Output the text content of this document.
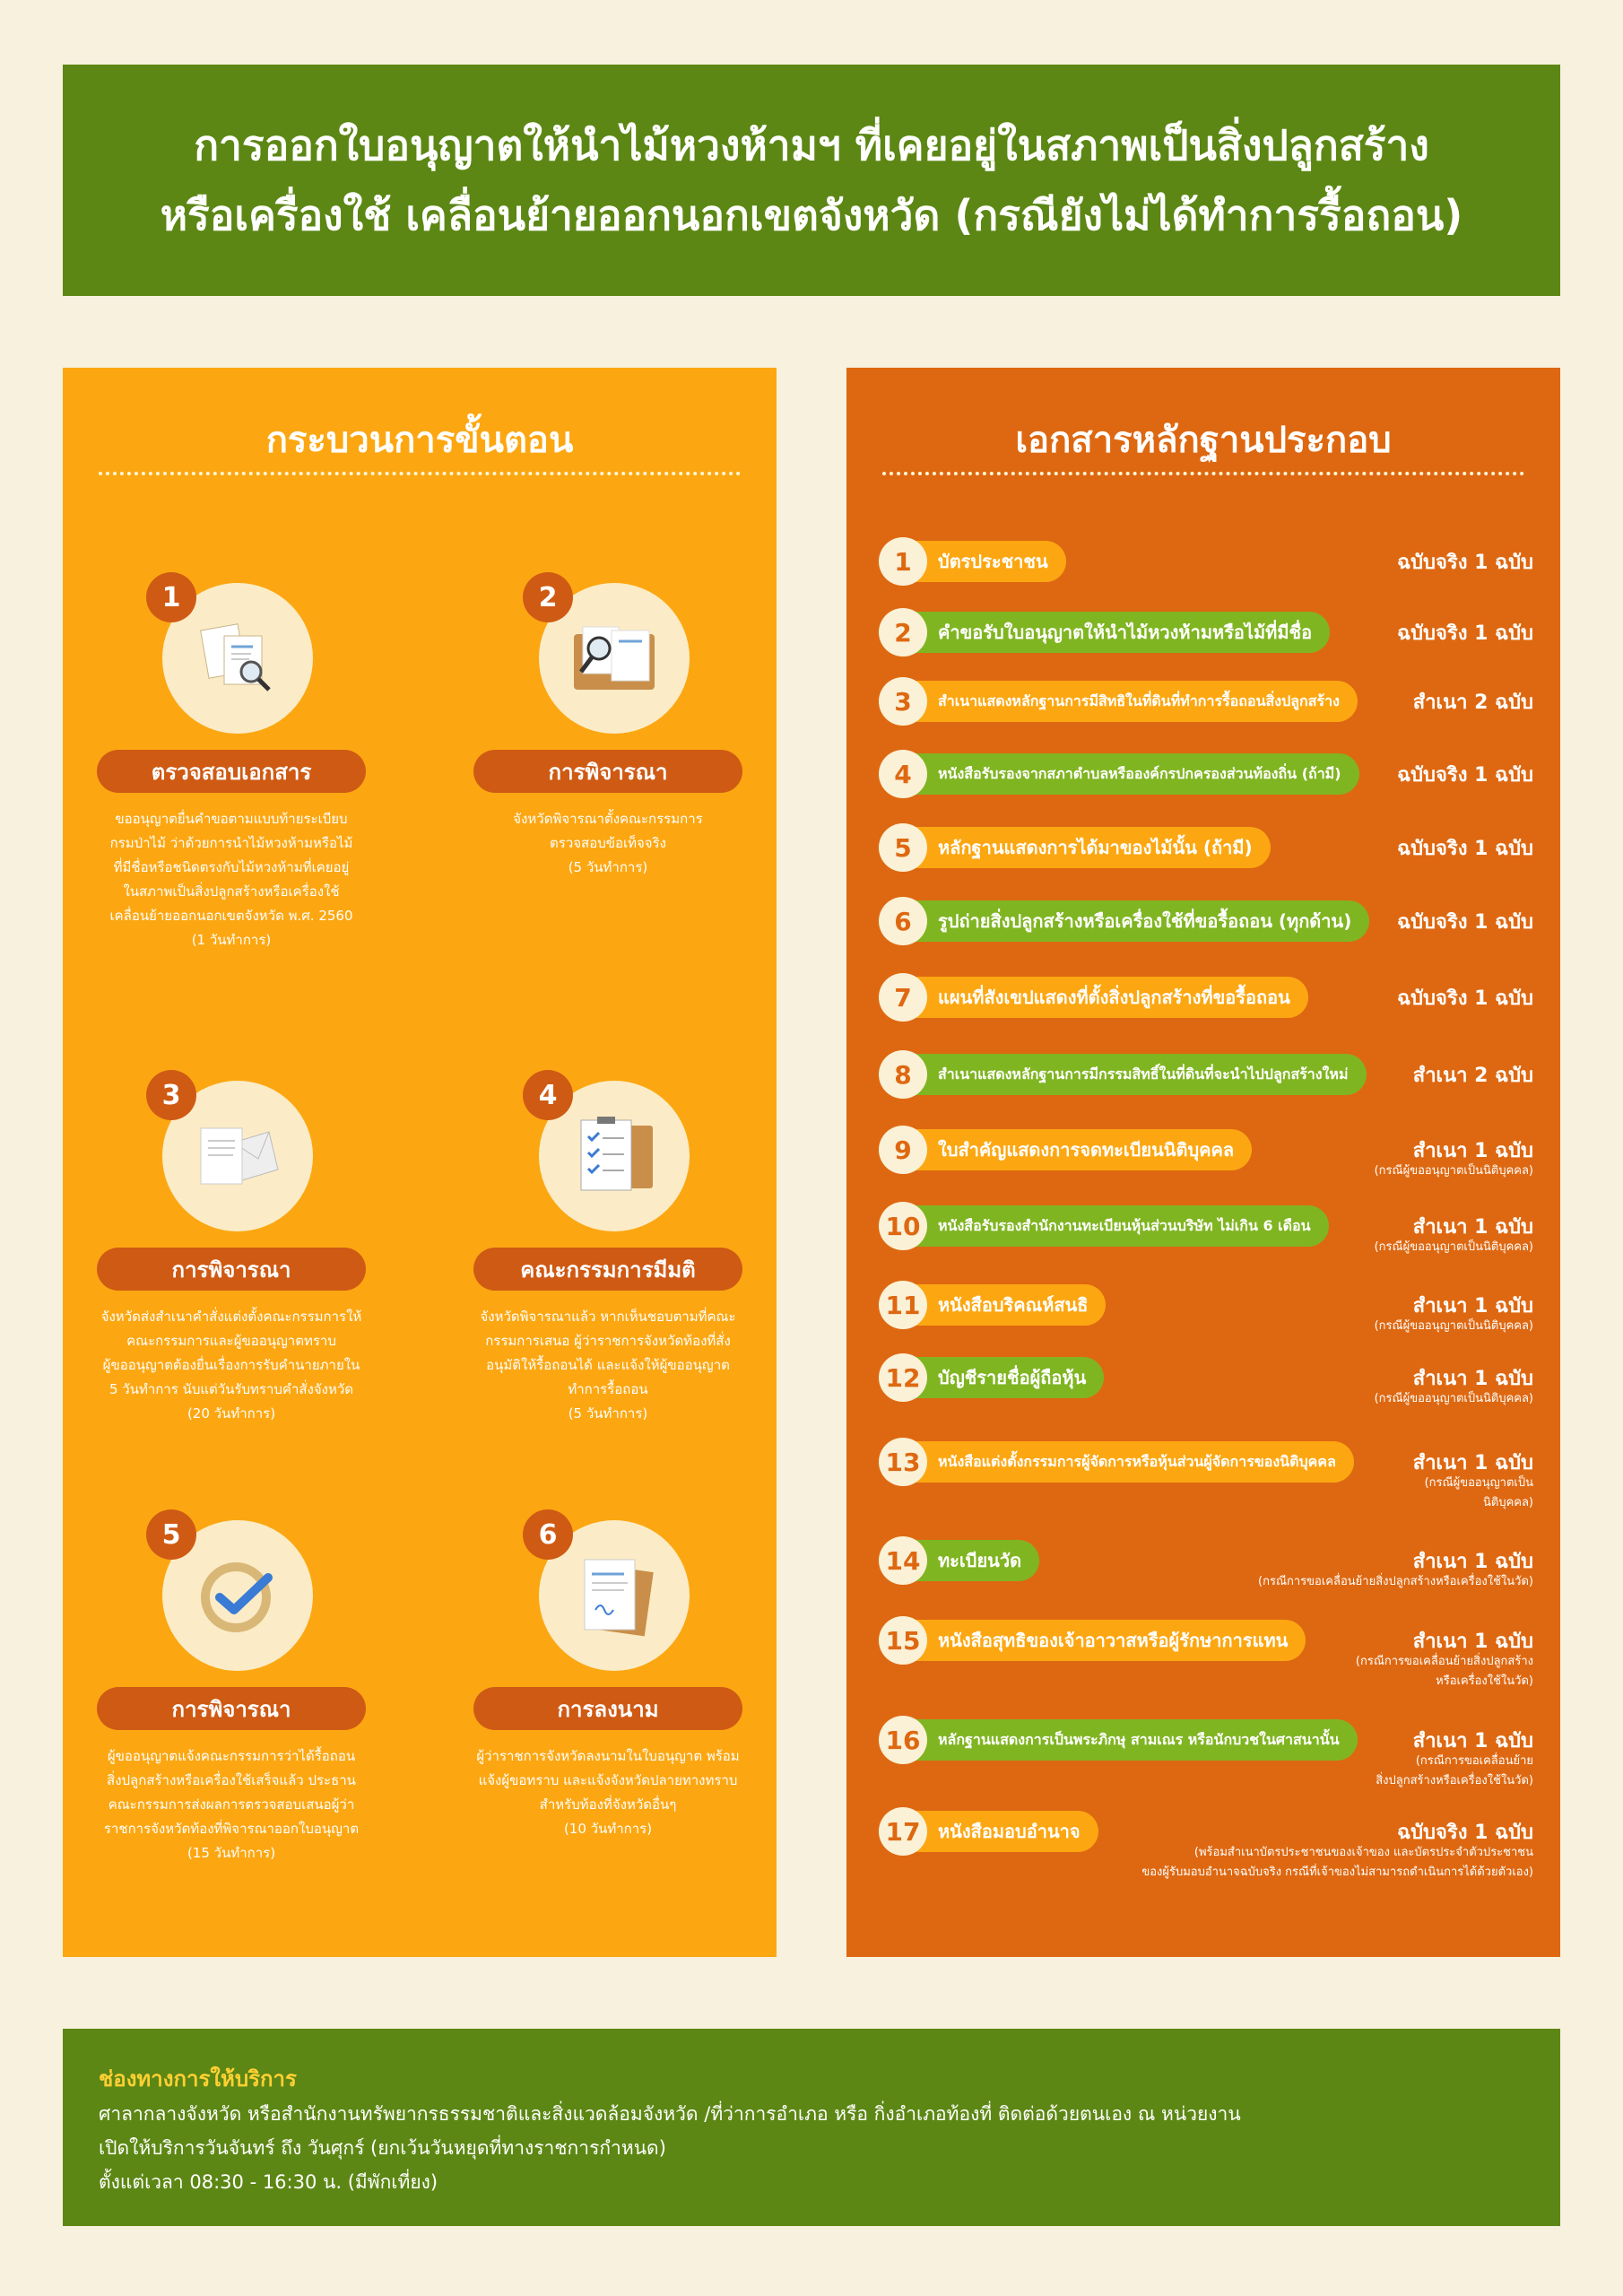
การออกใบอนุญาตให้นำไม้หวงห้ามฯ ที่เคยอยู่ในสภาพเป็นสิ่งปลูกสร้าง
หรือเครื่องใช้ เคลื่อนย้ายออกนอกเขตจังหวัด (กรณียังไม่ได้ทำการรื้อถอน)
กระบวนการขั้นตอน
1
ตรวจสอบเอกสาร
ขออนุญาตยื่นคำขอตามแบบท้ายระเบียบ
กรมป่าไม้ ว่าด้วยการนำไม้หวงห้ามหรือไม้
ที่มีชื่อหรือชนิดตรงกับไม้หวงห้ามที่เคยอยู่
ในสภาพเป็นสิ่งปลูกสร้างหรือเครื่องใช้
เคลื่อนย้ายออกนอกเขตจังหวัด พ.ศ. 2560
(1 วันทำการ)
2
การพิจารณา
จังหวัดพิจารณาตั้งคณะกรรมการ
ตรวจสอบข้อเท็จจริง
(5 วันทำการ)
3
การพิจารณา
จังหวัดส่งสำเนาคำสั่งแต่งตั้งคณะกรรมการให้
คณะกรรมการและผู้ขออนุญาตทราบ
ผู้ขออนุญาตต้องยื่นเรื่องการรับคำนายภายใน
5 วันทำการ นับแต่วันรับทราบคำสั่งจังหวัด
(20 วันทำการ)
4
คณะกรรมการมีมติ
จังหวัดพิจารณาแล้ว หากเห็นชอบตามที่คณะ
กรรมการเสนอ ผู้ว่าราชการจังหวัดท้องที่สั่ง
อนุมัติให้รื้อถอนได้ และแจ้งให้ผู้ขออนุญาต
ทำการรื้อถอน
(5 วันทำการ)
5
การพิจารณา
ผู้ขออนุญาตแจ้งคณะกรรมการว่าได้รื้อถอน
สิ่งปลูกสร้างหรือเครื่องใช้เสร็จแล้ว ประธาน
คณะกรรมการส่งผลการตรวจสอบเสนอผู้ว่า
ราชการจังหวัดท้องที่พิจารณาออกใบอนุญาต
(15 วันทำการ)
6
การลงนาม
ผู้ว่าราชการจังหวัดลงนามในใบอนุญาต พร้อม
แจ้งผู้ขอทราบ และแจ้งจังหวัดปลายทางทราบ
สำหรับท้องที่จังหวัดอื่นๆ
(10 วันทำการ)
เอกสารหลักฐานประกอบ
บัตรประชาชน
1	ฉบับจริง 1 ฉบับ
คำขอรับใบอนุญาตให้นำไม้หวงห้ามหรือไม้ที่มีชื่อ
2	ฉบับจริง 1 ฉบับ
สำเนาแสดงหลักฐานการมีสิทธิในที่ดินที่ทำการรื้อถอนสิ่งปลูกสร้าง
3	สำเนา 2 ฉบับ
หนังสือรับรองจากสภาตำบลหรือองค์กรปกครองส่วนท้องถิ่น (ถ้ามี)
4	ฉบับจริง 1 ฉบับ
หลักฐานแสดงการได้มาของไม้นั้น (ถ้ามี)
5	ฉบับจริง 1 ฉบับ
รูปถ่ายสิ่งปลูกสร้างหรือเครื่องใช้ที่ขอรื้อถอน (ทุกด้าน)
6	ฉบับจริง 1 ฉบับ
แผนที่สังเขปแสดงที่ตั้งสิ่งปลูกสร้างที่ขอรื้อถอน
7	ฉบับจริง 1 ฉบับ
สำเนาแสดงหลักฐานการมีกรรมสิทธิ์ในที่ดินที่จะนำไปปลูกสร้างใหม่
8	สำเนา 2 ฉบับ
ใบสำคัญแสดงการจดทะเบียนนิติบุคคล
9	สำเนา 1 ฉบับ
(กรณีผู้ขออนุญาตเป็นนิติบุคคล)
หนังสือรับรองสำนักงานทะเบียนหุ้นส่วนบริษัท ไม่เกิน 6 เดือน
10	สำเนา 1 ฉบับ
(กรณีผู้ขออนุญาตเป็นนิติบุคคล)
หนังสือบริคณห์สนธิ
11	สำเนา 1 ฉบับ
(กรณีผู้ขออนุญาตเป็นนิติบุคคล)
บัญชีรายชื่อผู้ถือหุ้น
12	สำเนา 1 ฉบับ
(กรณีผู้ขออนุญาตเป็นนิติบุคคล)
หนังสือแต่งตั้งกรรมการผู้จัดการหรือหุ้นส่วนผู้จัดการของนิติบุคคล
13	สำเนา 1 ฉบับ
(กรณีผู้ขออนุญาตเป็น
นิติบุคคล)
ทะเบียนวัด
14	สำเนา 1 ฉบับ
(กรณีการขอเคลื่อนย้ายสิ่งปลูกสร้างหรือเครื่องใช้ในวัด)
หนังสือสุทธิของเจ้าอาวาสหรือผู้รักษาการแทน
15	สำเนา 1 ฉบับ
(กรณีการขอเคลื่อนย้ายสิ่งปลูกสร้าง
หรือเครื่องใช้ในวัด)
หลักฐานแสดงการเป็นพระภิกษุ สามเณร หรือนักบวชในศาสนานั้น
16	สำเนา 1 ฉบับ
(กรณีการขอเคลื่อนย้าย
สิ่งปลูกสร้างหรือเครื่องใช้ในวัด)
หนังสือมอบอำนาจ
17	ฉบับจริง 1 ฉบับ
(พร้อมสำเนาบัตรประชาชนของเจ้าของ และบัตรประจำตัวประชาชน
ของผู้รับมอบอำนาจฉบับจริง กรณีที่เจ้าของไม่สามารถดำเนินการได้ด้วยตัวเอง)
ช่องทางการให้บริการ
ศาลากลางจังหวัด หรือสำนักงานทรัพยากรธรรมชาติและสิ่งแวดล้อมจังหวัด /ที่ว่าการอำเภอ หรือ กิ่งอำเภอท้องที่ ติดต่อด้วยตนเอง ณ หน่วยงาน
เปิดให้บริการวันจันทร์ ถึง วันศุกร์ (ยกเว้นวันหยุดที่ทางราชการกำหนด)
ตั้งแต่เวลา 08:30 - 16:30 น. (มีพักเที่ยง)
